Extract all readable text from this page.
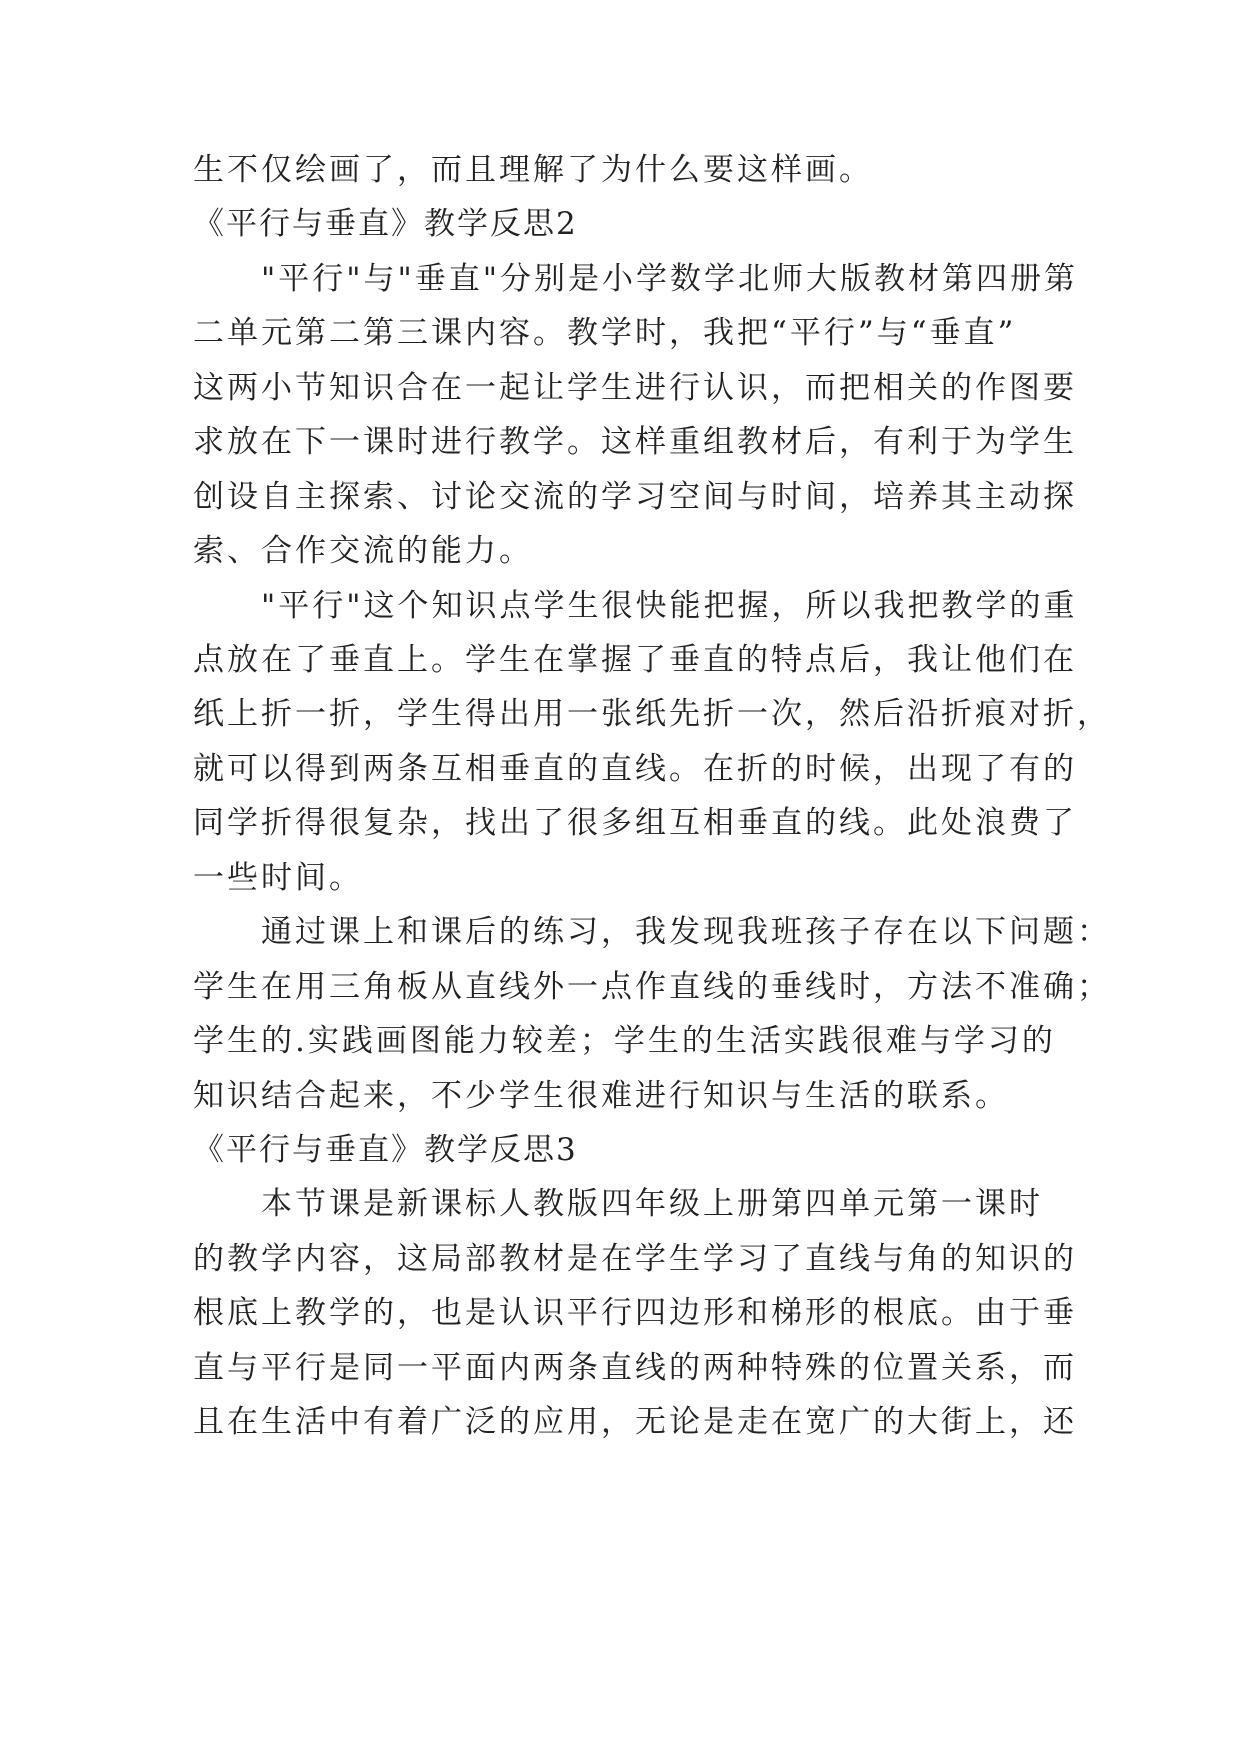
生不仅绘画了，而且理解了为什么要这样画。
《平行与垂直》教学反思2
　　"平行"与"垂直"分别是小学数学北师大版教材第四册第
二单元第二第三课内容。教学时，我把“平行”与“垂直”
这两小节知识合在一起让学生进行认识，而把相关的作图要
求放在下一课时进行教学。这样重组教材后，有利于为学生
创设自主探索、讨论交流的学习空间与时间，培养其主动探
索、合作交流的能力。
　　"平行"这个知识点学生很快能把握，所以我把教学的重
点放在了垂直上。学生在掌握了垂直的特点后，我让他们在
纸上折一折，学生得出用一张纸先折一次，然后沿折痕对折，
就可以得到两条互相垂直的直线。在折的时候，出现了有的
同学折得很复杂，找出了很多组互相垂直的线。此处浪费了
一些时间。
　　通过课上和课后的练习，我发现我班孩子存在以下问题：
学生在用三角板从直线外一点作直线的垂线时，方法不准确；
学生的.实践画图能力较差；学生的生活实践很难与学习的
知识结合起来，不少学生很难进行知识与生活的联系。
《平行与垂直》教学反思3
　　本节课是新课标人教版四年级上册第四单元第一课时
的教学内容，这局部教材是在学生学习了直线与角的知识的
根底上教学的，也是认识平行四边形和梯形的根底。由于垂
直与平行是同一平面内两条直线的两种特殊的位置关系，而
且在生活中有着广泛的应用，无论是走在宽广的大街上，还
